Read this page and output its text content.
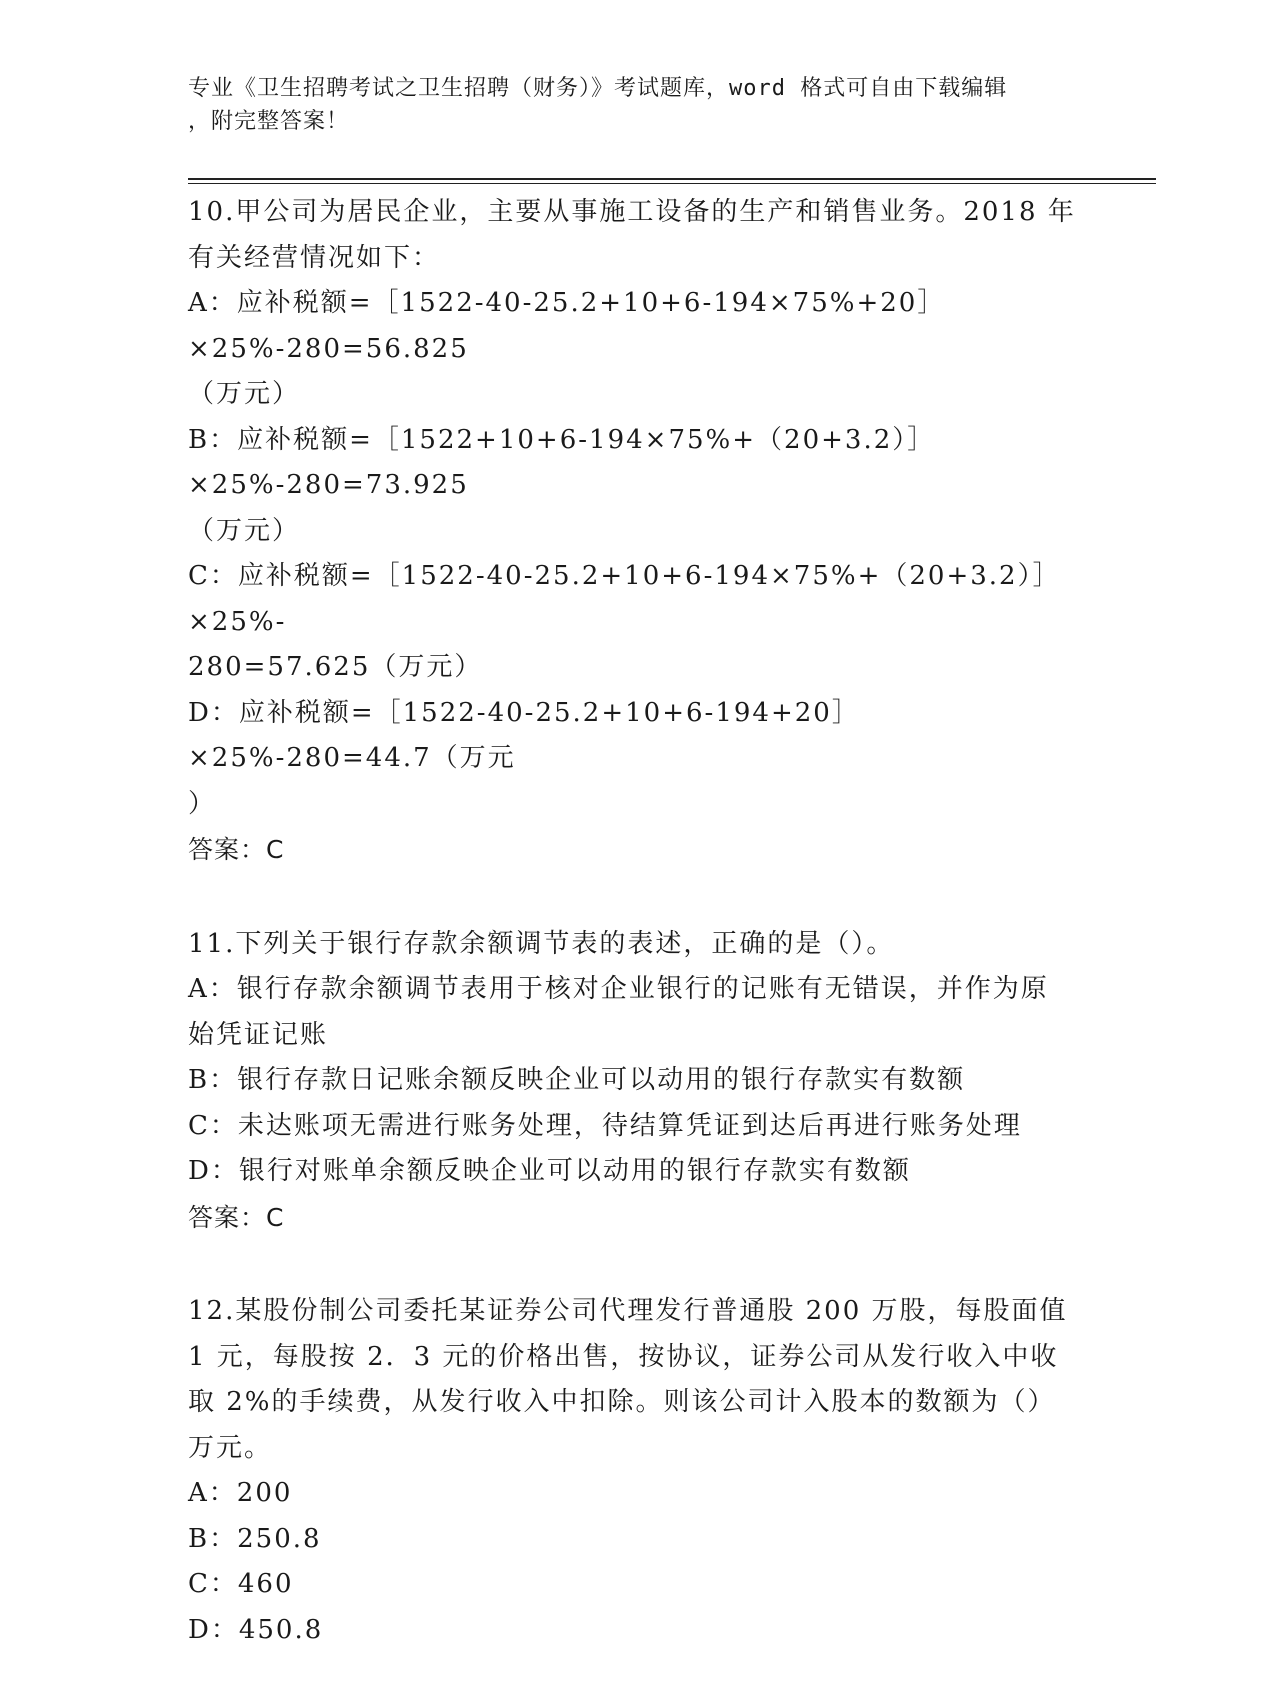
专业《卫生招聘考试之卫生招聘（财务）》考试题库，word 格式可自由下载编辑
，附完整答案！
10.甲公司为居民企业，主要从事施工设备的生产和销售业务。2018 年
有关经营情况如下：
A：应补税额=［1522-40-25.2+10+6-194×75%+20］×25%-280=56.825
（万元）
B：应补税额=［1522+10+6-194×75%+（20+3.2）］×25%-280=73.925
（万元）
C：应补税额=［1522-40-25.2+10+6-194×75%+（20+3.2）］×25%-
280=57.625（万元）
D：应补税额=［1522-40-25.2+10+6-194+20］×25%-280=44.7（万元
）
答案：C
11.下列关于银行存款余额调节表的表述，正确的是（）。
A：银行存款余额调节表用于核对企业银行的记账有无错误，并作为原
始凭证记账
B：银行存款日记账余额反映企业可以动用的银行存款实有数额
C：未达账项无需进行账务处理，待结算凭证到达后再进行账务处理
D：银行对账单余额反映企业可以动用的银行存款实有数额
答案：C
12.某股份制公司委托某证券公司代理发行普通股 200 万股，每股面值
1 元，每股按 2．3 元的价格出售，按协议，证券公司从发行收入中收
取 2%的手续费，从发行收入中扣除。则该公司计入股本的数额为（）
万元。
A：200
B：250.8
C：460
D：450.8
